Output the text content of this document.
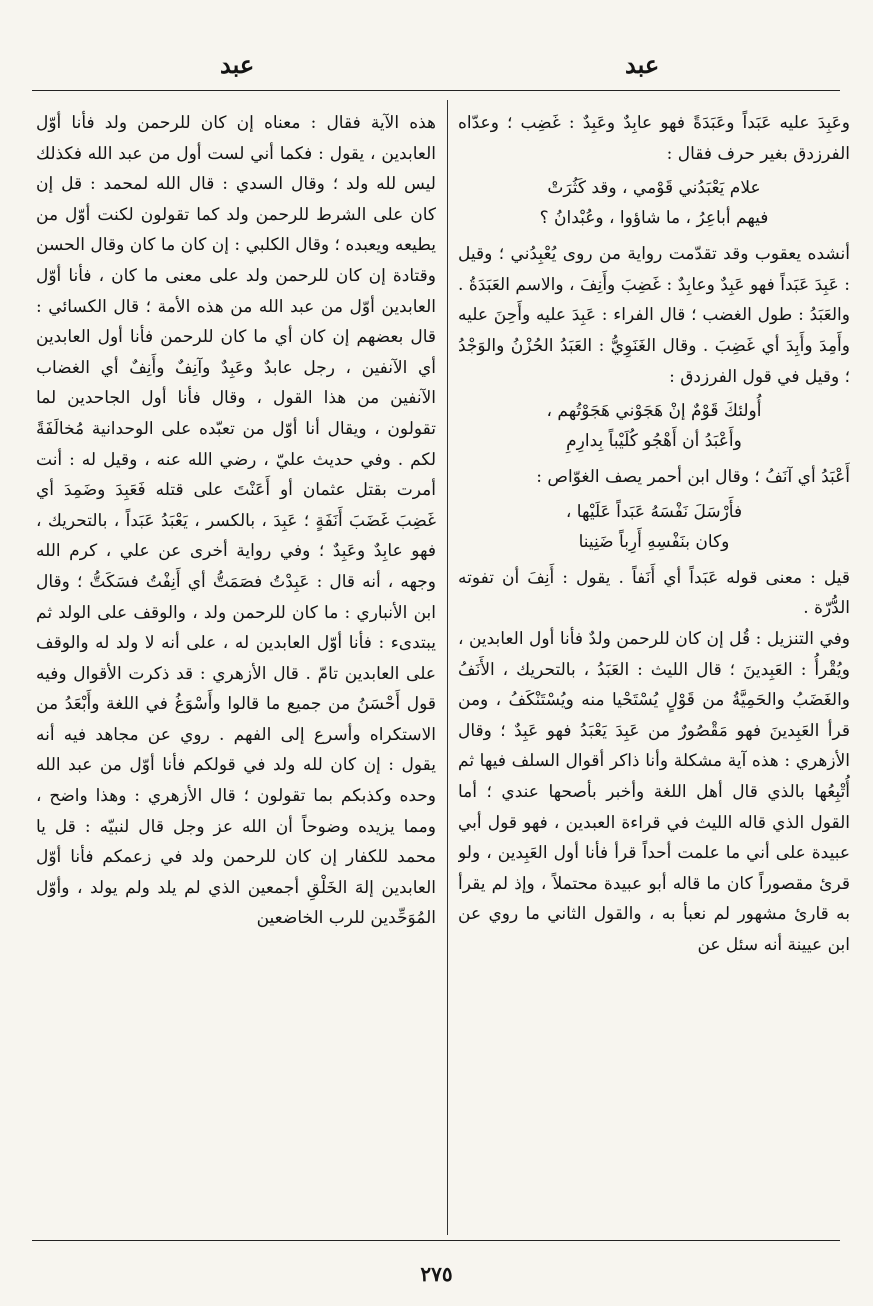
عبد
عبد

وعَبِدَ عليه عَبَداً وعَبَدَةً فهو عابِدٌ وعَبِدٌ : غَضِب ؛ وعدّاه الفرزدق بغير حرف فقال :

علام يَعْبَدُني قَوْمي ، وقد كَثُرَتْ
فيهم أباعِرُ ، ما شاؤوا ، وعُبْدانُ ؟

أنشده يعقوب وقد تقدّمت رواية من روى يُعْبِدُني ؛ وقيل : عَبِدَ عَبَداً فهو عَبِدٌ وعابِدٌ : غَضِبَ وأَنِفَ ، والاسم العَبَدَةُ . والعَبَدُ : طول الغضب ؛ قال الفراء : عَبِدَ عليه وأَحِنَ عليه وأَمِدَ وأَبِدَ أي غَضِبَ . وقال الغَنَوِيُّ : العَبَدُ الحُزْنُ والوَجْدُ ؛ وقيل في قول الفرزدق :

أُولئكَ قَوْمٌ إنْ هَجَوْني هَجَوْتُهم ،
وأَعْبَدُ أن أَهْجُو كُلَيْباً بِدارِمِ

أَعْبَدُ أي آنَفُ ؛ وقال ابن أحمر يصف الغوّاص :

فأَرْسَلَ نَفْسَهُ عَبَداً عَلَيْها ،
وكان بنَفْسِهِ أَرِباً ضَنِينا

قيل : معنى قوله عَبَداً أي أَنَفاً . يقول : أَنِفَ أن تفوته الدُّرّة .

وفي التنزيل : قُل إن كان للرحمن ولدٌ فأنا أول العابدين ، ويُقْرأُ : العَبِدينَ ؛ قال الليث : العَبَدُ ، بالتحريك ، الأَنَفُ والغَضَبُ والحَمِيَّةُ من قَوْلٍ يُسْتَحْيا منه ويُسْتَنْكَفُ ، ومن قرأ العَبِدينَ فهو مَقْصُورٌ من عَبِدَ يَعْبَدُ فهو عَبِدٌ ؛ وقال الأزهري : هذه آية مشكلة وأنا ذاكر أقوال السلف فيها ثم أُتْبِعُها بالذي قال أهل اللغة وأخبر بأصحها عندي ؛ أما القول الذي قاله الليث في قراءة العبدين ، فهو قول أبي عبيدة على أني ما علمت أحداً قرأ فأنا أول العَبِدين ، ولو قرئ مقصوراً كان ما قاله أبو عبيدة محتملاً ، وإذ لم يقرأ به قارئ مشهور لم نعبأ به ، والقول الثاني ما روي عن ابن عيينة أنه سئل عن

هذه الآية فقال : معناه إن كان للرحمن ولد فأنا أوّل العابدين ، يقول : فكما أني لست أول من عبد الله فكذلك ليس لله ولد ؛ وقال السدي : قال الله لمحمد : قل إن كان على الشرط للرحمن ولد كما تقولون لكنت أوّل من يطيعه ويعبده ؛ وقال الكلبي : إن كان ما كان وقال الحسن وقتادة إن كان للرحمن ولد على معنى ما كان ، فأنا أوّل العابدين أوّل من عبد الله من هذه الأمة ؛ قال الكسائي : قال بعضهم إن كان أي ما كان للرحمن فأنا أول العابدين أي الآنفين ، رجل عابدٌ وعَبِدٌ وآنِفٌ وأَنِفٌ أي الغضاب الآنفين من هذا القول ، وقال فأنا أول الجاحدين لما تقولون ، ويقال أنا أوّل من تعبّده على الوحدانية مُخالَفَةً لكم . وفي حديث عليّ ، رضي الله عنه ، وقيل له : أنت أمرت بقتل عثمان أو أَعَنْتَ على قتله فَعَبِدَ وضَمِدَ أي غَضِبَ غَضَبَ أَنَفَةٍ ؛ عَبِدَ ، بالكسر ، يَعْبَدُ عَبَداً ، بالتحريك ، فهو عابِدٌ وعَبِدٌ ؛ وفي رواية أخرى عن علي ، كرم الله وجهه ، أنه قال : عَبِدْتُ فصَمَتُّ أي أَنِفْتُ فسَكَتُّ ؛ وقال ابن الأنباري : ما كان للرحمن ولد ، والوقف على الولد ثم يبتدىء : فأنا أوّل العابدين له ، على أنه لا ولد له والوقف على العابدين تامّ . قال الأزهري : قد ذكرت الأقوال وفيه قول أَحْسَنُ من جميع ما قالوا وأَسْوَغُ في اللغة وأَبْعَدُ من الاستكراه وأسرع إلى الفهم . روي عن مجاهد فيه أنه يقول : إن كان لله ولد في قولكم فأنا أوّل من عبد الله وحده وكذبكم بما تقولون ؛ قال الأزهري : وهذا واضح ، ومما يزيده وضوحاً أن الله عز وجل قال لنبيّه : قل يا محمد للكفار إن كان للرحمن ولد في زعمكم فأنا أوّل العابدين إلهَ الخَلْقِ أجمعين الذي لم يلد ولم يولد ، وأوّل المُوَحِّدين للرب الخاضعين

٢٧٥
